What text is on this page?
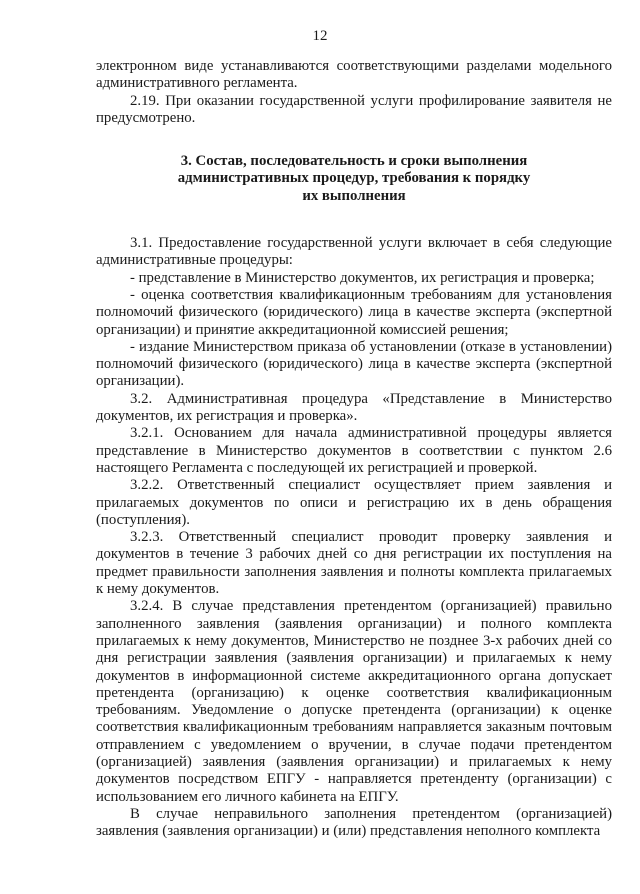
12

электронном виде устанавливаются соответствующими разделами модельного административного регламента.

2.19. При оказании государственной услуги профилирование заявителя не предусмотрено.

3. Состав, последовательность и сроки выполнения
административных процедур, требования к порядку
их выполнения

3.1. Предоставление государственной услуги включает в себя следующие административные процедуры:

- представление в Министерство документов, их регистрация и проверка;

- оценка соответствия квалификационным требованиям для установления полномочий физического (юридического) лица в качестве эксперта (экспертной организации) и принятие аккредитационной комиссией решения;

- издание Министерством приказа об установлении (отказе в установлении) полномочий физического (юридического) лица в качестве эксперта (экспертной организации).

3.2. Административная процедура «Представление в Министерство документов, их регистрация и проверка».

3.2.1. Основанием для начала административной процедуры является представление в Министерство документов в соответствии с пунктом 2.6 настоящего Регламента с последующей их регистрацией и проверкой.

3.2.2. Ответственный специалист осуществляет прием заявления и прилагаемых документов по описи и регистрацию их в день обращения (поступления).

3.2.3. Ответственный специалист проводит проверку заявления и документов в течение 3 рабочих дней со дня регистрации их поступления на предмет правильности заполнения заявления и полноты комплекта прилагаемых к нему документов.

3.2.4. В случае представления претендентом (организацией) правильно заполненного заявления (заявления организации) и полного комплекта прилагаемых к нему документов, Министерство не позднее 3-х рабочих дней со дня регистрации заявления (заявления организации) и прилагаемых к нему документов в информационной системе аккредитационного органа допускает претендента (организацию) к оценке соответствия квалификационным требованиям. Уведомление о допуске претендента (организации) к оценке соответствия квалификационным требованиям направляется заказным почтовым отправлением с уведомлением о вручении, в случае подачи претендентом (организацией) заявления (заявления организации) и прилагаемых к нему документов посредством ЕПГУ - направляется претенденту (организации) с использованием его личного кабинета на ЕПГУ.

В случае неправильного заполнения претендентом (организацией) заявления (заявления организации) и (или) представления неполного комплекта
